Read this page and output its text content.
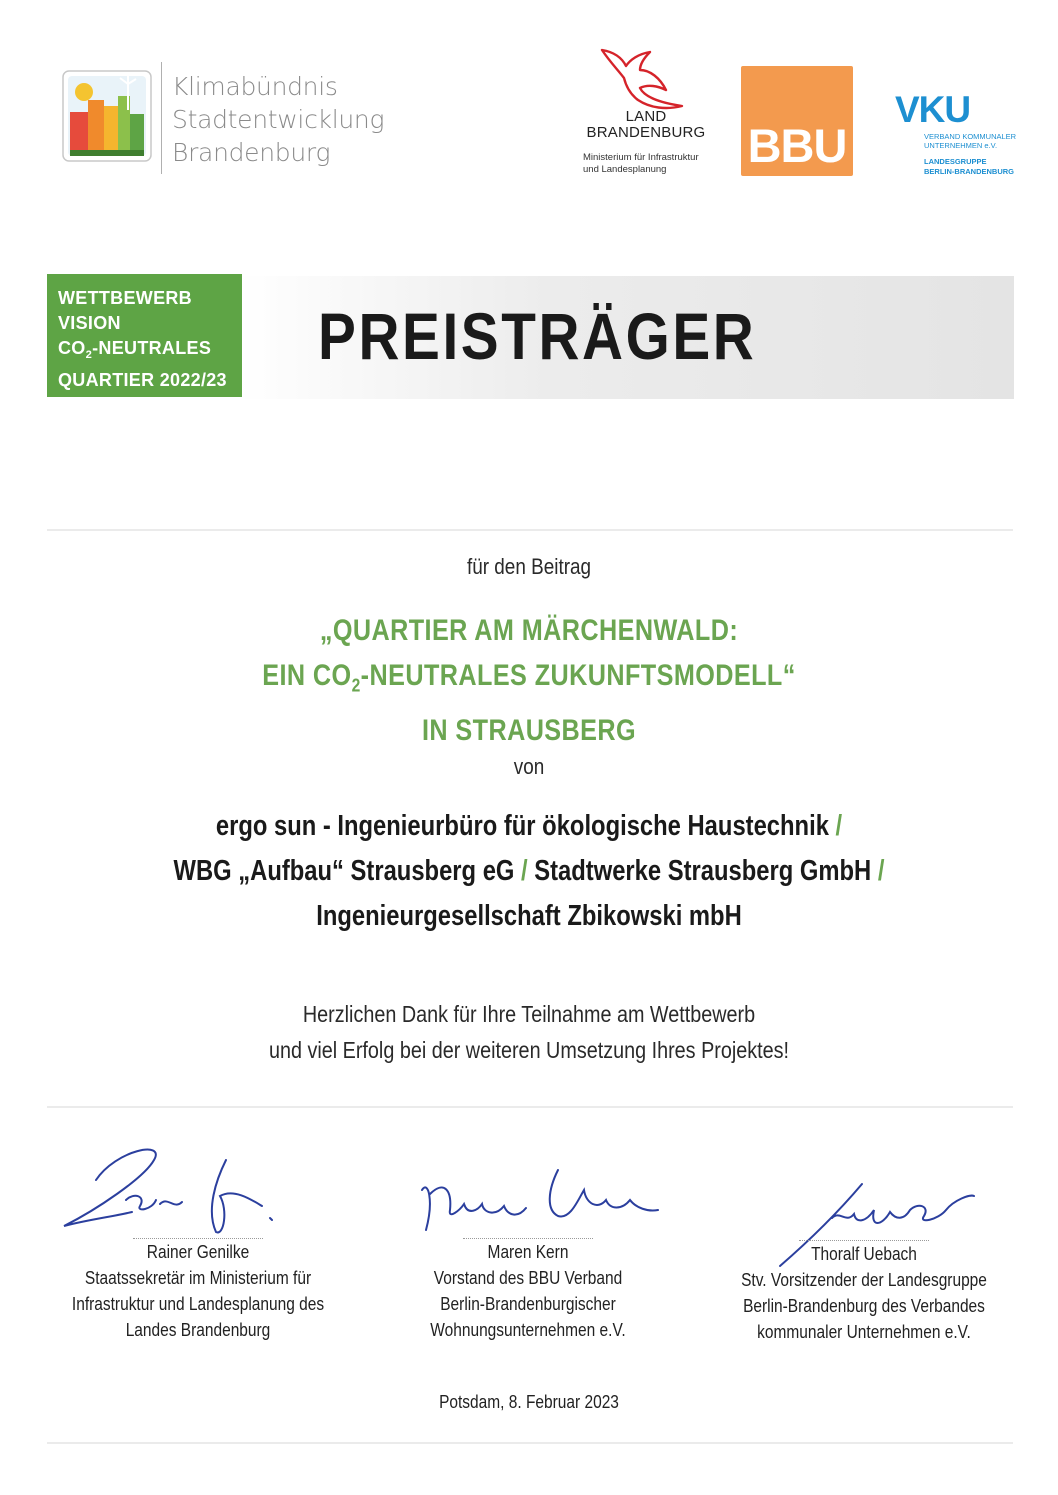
Klimabündnis
Stadtentwicklung
Brandenburg
LAND
BRANDENBURG
Ministerium für Infrastruktur
und Landesplanung	BBU
VKU
VERBAND KOMMUNALER
UNTERNEHMEN e.V.
LANDESGRUPPE
BERLIN-BRANDENBURG
WETTBEWERB
VISION
$CO_2$-NEUTRALES
QUARTIER 2022/23
PREISTRÄGER
für den Beitrag
„QUARTIER AM MÄRCHENWALD:
EIN $CO_2$-NEUTRALES ZUKUNFTSMODELL“
IN STRAUSBERG
von
ergo sun - Ingenieurbüro für ökologische Haustechnik /
WBG „Aufbau“ Strausberg eG / Stadtwerke Strausberg GmbH /
Ingenieurgesellschaft Zbikowski mbH
Herzlichen Dank für Ihre Teilnahme am Wettbewerb
und viel Erfolg bei der weiteren Umsetzung Ihres Projektes!
Rainer Genilke
Staatssekretär im Ministerium für
Infrastruktur und Landesplanung des
Landes Brandenburg
Maren Kern
Vorstand des BBU Verband
Berlin-Brandenburgischer
Wohnungsunternehmen e.V.
Thoralf Uebach
Stv. Vorsitzender der Landesgruppe
Berlin-Brandenburg des Verbandes
kommunaler Unternehmen e.V.
Potsdam, 8. Februar 2023
